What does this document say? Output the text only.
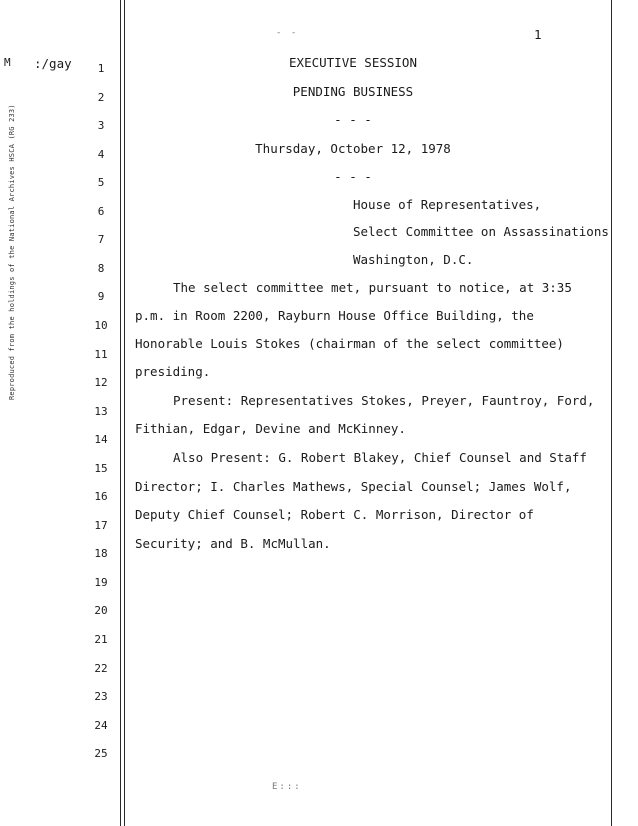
Reproduced from the holdings of the National Archives HSCA (RG 233)
M :/gay
- -	1
1
2
3
4
5
6
7
8
9
10
11
12
13
14
15
16
17
18
19
20
21
22
23
24
25
EXECUTIVE SESSION
PENDING BUSINESS
- - -
Thursday, October 12, 1978
- - -
House of Representatives,
Select Committee on Assassinations
Washington, D.C.
The select committee met, pursuant to notice, at 3:35
p.m. in Room 2200, Rayburn House Office Building, the
Honorable Louis Stokes (chairman of the select committee)
presiding.
Present: Representatives Stokes, Preyer, Fauntroy, Ford,
Fithian, Edgar, Devine and McKinney.
Also Present: G. Robert Blakey, Chief Counsel and Staff
Director; I. Charles Mathews, Special Counsel; James Wolf,
Deputy Chief Counsel; Robert C. Morrison, Director of
Security; and B. McMullan.
E:::
